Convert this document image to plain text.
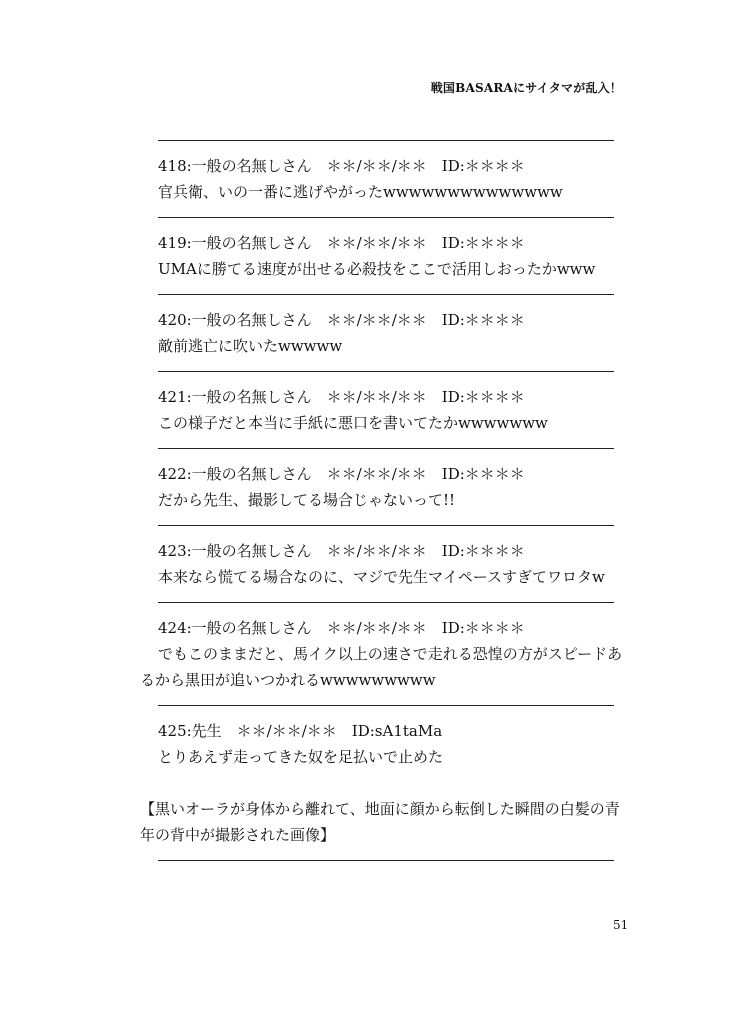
戦国BASARAにサイタマが乱入！
418:一般の名無しさん　＊＊/＊＊/＊＊　ID:＊＊＊＊
官兵衛、いの一番に逃げやがったwwwwwwwwwwwwww
419:一般の名無しさん　＊＊/＊＊/＊＊　ID:＊＊＊＊
UMAに勝てる速度が出せる必殺技をここで活用しおったかwww
420:一般の名無しさん　＊＊/＊＊/＊＊　ID:＊＊＊＊
敵前逃亡に吹いたwwwww
421:一般の名無しさん　＊＊/＊＊/＊＊　ID:＊＊＊＊
この様子だと本当に手紙に悪口を書いてたかwwwwwww
422:一般の名無しさん　＊＊/＊＊/＊＊　ID:＊＊＊＊
だから先生、撮影してる場合じゃないって!!
423:一般の名無しさん　＊＊/＊＊/＊＊　ID:＊＊＊＊
本来なら慌てる場合なのに、マジで先生マイペースすぎてワロタw
424:一般の名無しさん　＊＊/＊＊/＊＊　ID:＊＊＊＊
でもこのままだと、馬イク以上の速さで走れる恐惶の方がスピードあ
るから黒田が追いつかれるwwwwwwwww
425:先生　＊＊/＊＊/＊＊　ID:sA1taMa
とりあえず走ってきた奴を足払いで止めた
【黒いオーラが身体から離れて、地面に顔から転倒した瞬間の白髪の青
年の背中が撮影された画像】
51
